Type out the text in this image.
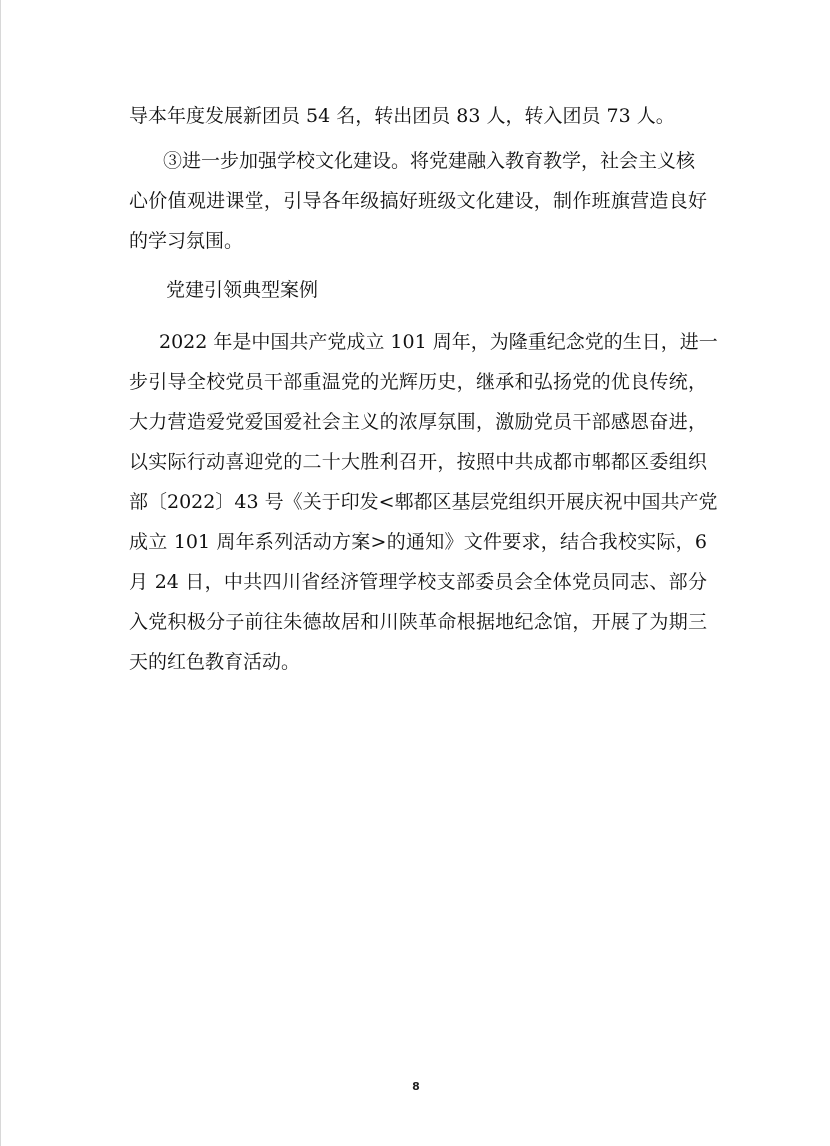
导本年度发展新团员 54 名，转出团员 83 人，转入团员 73 人。
③进一步加强学校文化建设。将党建融入教育教学，社会主义核
心价值观进课堂，引导各年级搞好班级文化建设，制作班旗营造良好
的学习氛围。
党建引领典型案例
2022 年是中国共产党成立 101 周年，为隆重纪念党的生日，进一
步引导全校党员干部重温党的光辉历史，继承和弘扬党的优良传统，
大力营造爱党爱国爱社会主义的浓厚氛围，激励党员干部感恩奋进，
以实际行动喜迎党的二十大胜利召开，按照中共成都市郫都区委组织
部〔2022〕43 号《关于印发<郫都区基层党组织开展庆祝中国共产党
成立 101 周年系列活动方案>的通知》文件要求，结合我校实际，6
月 24 日，中共四川省经济管理学校支部委员会全体党员同志、部分
入党积极分子前往朱德故居和川陕革命根据地纪念馆，开展了为期三
天的红色教育活动。
8
